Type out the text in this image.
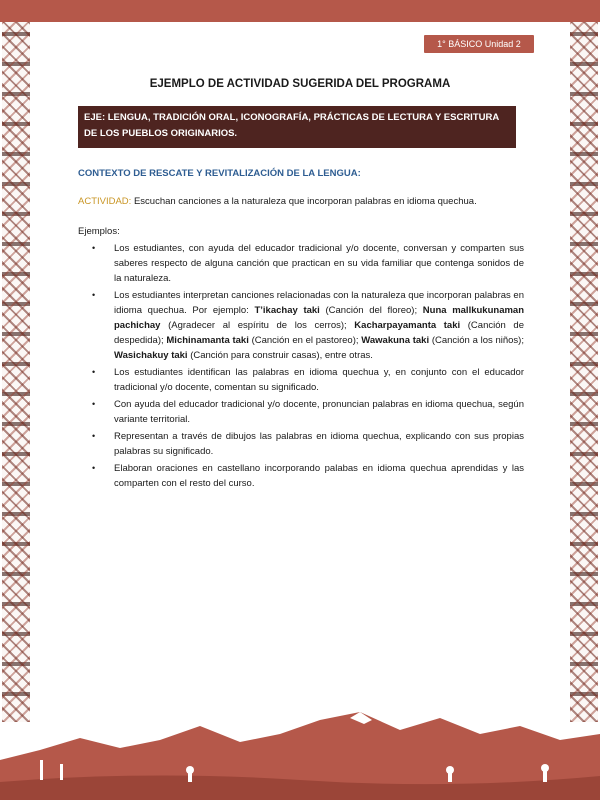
1° BÁSICO Unidad 2
EJEMPLO DE ACTIVIDAD SUGERIDA DEL PROGRAMA
EJE: LENGUA, TRADICIÓN ORAL, ICONOGRAFÍA, PRÁCTICAS DE LECTURA Y ESCRITURA DE LOS PUEBLOS ORIGINARIOS.
CONTEXTO DE RESCATE Y REVITALIZACIÓN DE LA LENGUA:
ACTIVIDAD: Escuchan canciones a la naturaleza que incorporan palabras en idioma quechua.
Ejemplos:
• Los estudiantes, con ayuda del educador tradicional y/o docente, conversan y comparten sus saberes respecto de alguna canción que practican en su vida familiar que contenga sonidos de la naturaleza.
• Los estudiantes interpretan canciones relacionadas con la naturaleza que incorporan palabras en idioma quechua. Por ejemplo: T’ikachay taki (Canción del floreo); Nuna mallkukunaman pachichay (Agradecer al espíritu de los cerros); Kacharpayamanta taki (Canción de despedida); Michinamanta taki (Canción en el pastoreo); Wawakuna taki (Canción a los niños); Wasichakuy taki (Canción para construir casas), entre otras.
• Los estudiantes identifican las palabras en idioma quechua y, en conjunto con el educador tradicional y/o docente, comentan su significado.
• Con ayuda del educador tradicional y/o docente, pronuncian palabras en idioma quechua, según variante territorial.
• Representan a través de dibujos las palabras en idioma quechua, explicando con sus propias palabras su significado.
• Elaboran oraciones en castellano incorporando palabas en idioma quechua aprendidas y las comparten con el resto del curso.
